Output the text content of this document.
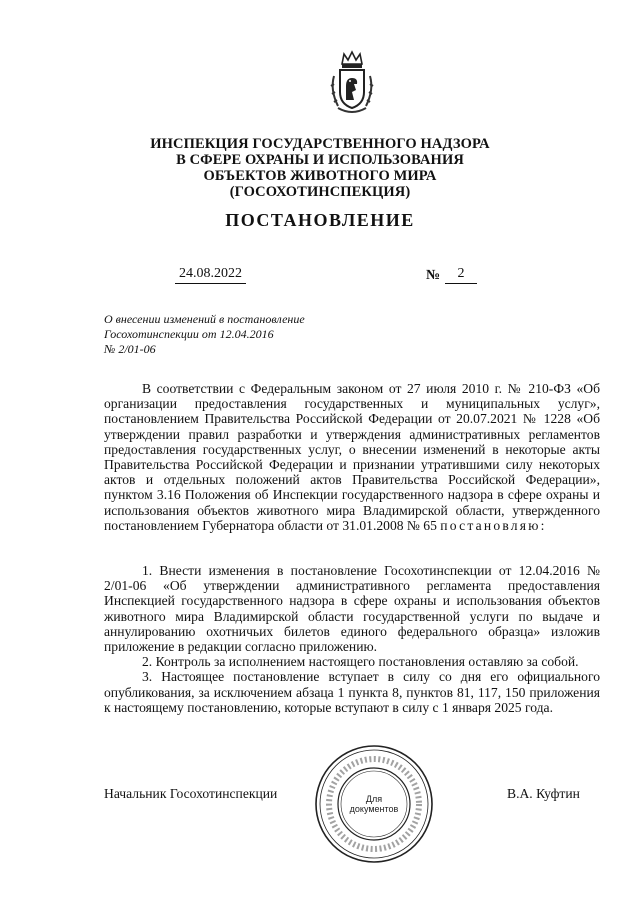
ИНСПЕКЦИЯ ГОСУДАРСТВЕННОГО НАДЗОРА
В СФЕРЕ ОХРАНЫ И ИСПОЛЬЗОВАНИЯ
ОБЪЕКТОВ ЖИВОТНОГО МИРА
(ГОСОХОТИНСПЕКЦИЯ)
ПОСТАНОВЛЕНИЕ
24.08.2022	№	2
О внесении изменений в постановление
Госохотинспекции от 12.04.2016
№ 2/01-06

В соответствии с Федеральным законом от 27 июля 2010 г. № 210-ФЗ «Об организации предоставления государственных и муниципальных услуг», постановлением Правительства Российской Федерации от 20.07.2021 № 1228 «Об утверждении правил разработки и утверждения административных регламентов предоставления государственных услуг, о внесении изменений в некоторые акты Правительства Российской Федерации и признании утратившими силу некоторых актов и отдельных положений актов Правительства Российской Федерации», пунктом 3.16 Положения об Инспекции государственного надзора в сфере охраны и использования объектов животного мира Владимирской области, утвержденного постановлением Губернатора области от 31.01.2008 № 65 постановляю:

1. Внести изменения в постановление Госохотинспекции от 12.04.2016 № 2/01-06 «Об утверждении административного регламента предоставления Инспекцией государственного надзора в сфере охраны и использования объектов животного мира Владимирской области государственной услуги по выдаче и аннулированию охотничьих билетов единого федерального образца» изложив приложение в редакции согласно приложению.

2. Контроль за исполнением настоящего постановления оставляю за собой.

3. Настоящее постановление вступает в силу со дня его официального опубликования, за исключением абзаца 1 пункта 8, пунктов 81, 117, 150 приложения к настоящему постановлению, которые вступают в силу с 1 января 2025 года.

Начальник Госохотинспекции	В.А. Куфтин
Для
документов
